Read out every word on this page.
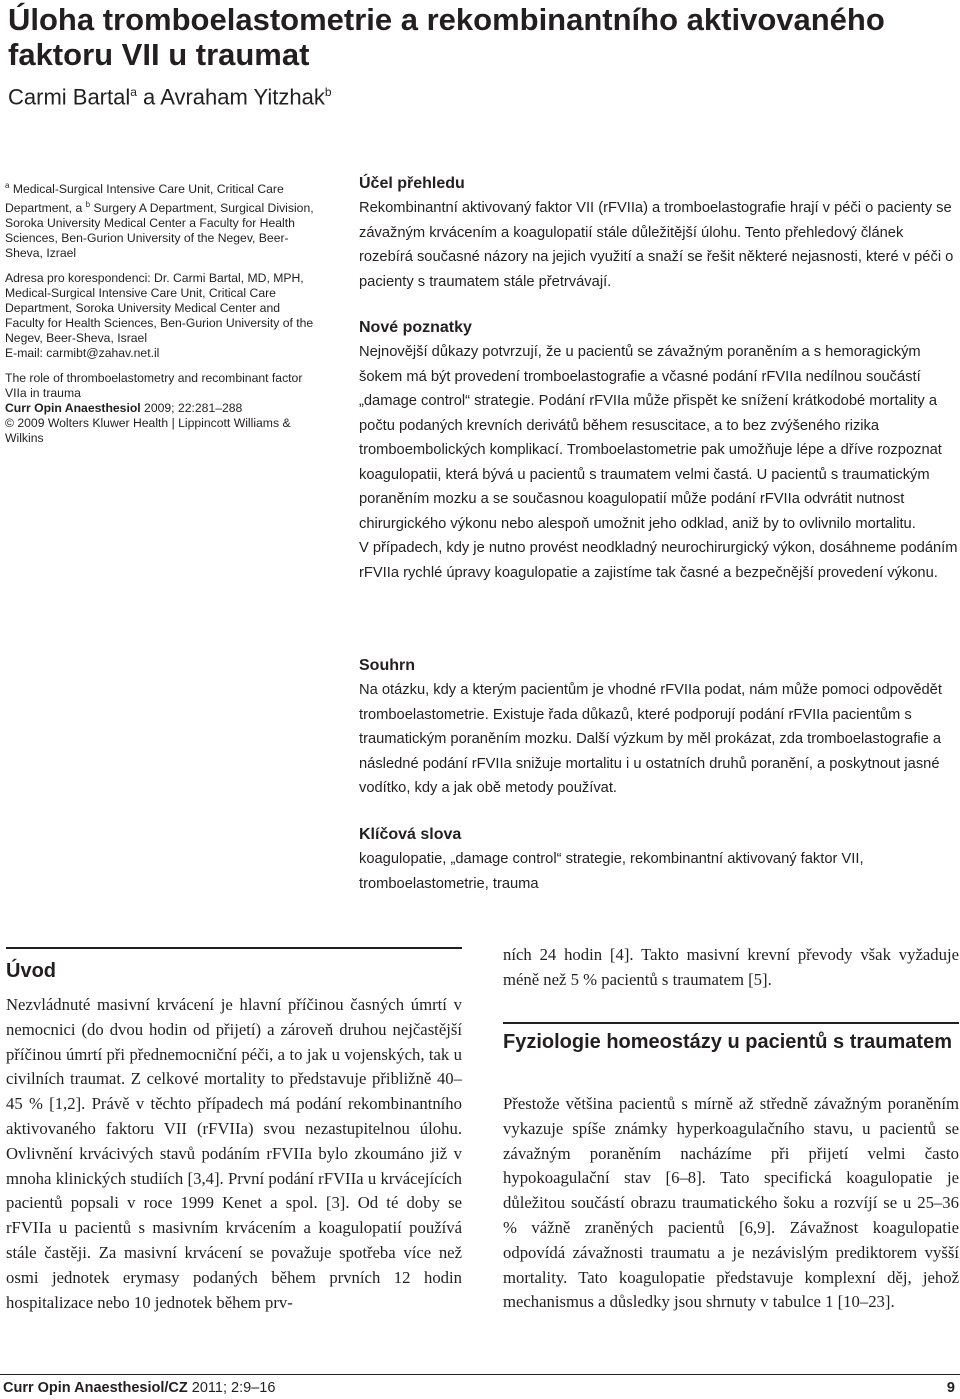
Úloha tromboelastometrie a rekombinantního aktivovaného faktoru VII u traumat
Carmi Bartal$^a$ a Avraham Yitzhak$^b$

$^a$ Medical-Surgical Intensive Care Unit, Critical Care Department, a $^b$ Surgery A Department, Surgical Division, Soroka University Medical Center a Faculty for Health Sciences, Ben-Gurion University of the Negev, Beer-Sheva, Izrael

Adresa pro korespondenci: Dr. Carmi Bartal, MD, MPH, Medical-Surgical Intensive Care Unit, Critical Care Department, Soroka University Medical Center and Faculty for Health Sciences, Ben-Gurion University of the Negev, Beer-Sheva, Israel
E-mail: carmibt@zahav.net.il

The role of thromboelastometry and recombinant factor VIIa in trauma
Curr Opin Anaesthesiol 2009; 22:281–288
© 2009 Wolters Kluwer Health | Lippincott Williams & Wilkins

Účel přehledu

Rekombinantní aktivovaný faktor VII (rFVIIa) a tromboelastografie hrají v péči o pacienty se závažným krvácením a koagulopatií stále důležitější úlohu. Tento přehledový článek rozebírá současné názory na jejich využití a snaží se řešit některé nejasnosti, které v péči o pacienty s traumatem stále přetrvávají.

Nové poznatky

Nejnovější důkazy potvrzují, že u pacientů se závažným poraněním a s hemoragickým šokem má být provedení tromboelastografie a včasné podání rFVIIa nedílnou součástí „damage control“ strategie. Podání rFVIIa může přispět ke snížení krátkodobé mortality a počtu podaných krevních derivátů během resuscitace, a to bez zvýšeného rizika tromboembolických komplikací. Tromboelastometrie pak umožňuje lépe a dříve rozpoznat koagulopatii, která bývá u pacientů s traumatem velmi častá. U pacientů s traumatickým poraněním mozku a se současnou koagulopatií může podání rFVIIa odvrátit nutnost chirurgického výkonu nebo alespoň umožnit jeho odklad, aniž by to ovlivnilo mortalitu.

V případech, kdy je nutno provést neodkladný neurochirurgický výkon, dosáhneme podáním rFVIIa rychlé úpravy koagulopatie a zajistíme tak časné a bezpečnější provedení výkonu.

Souhrn

Na otázku, kdy a kterým pacientům je vhodné rFVIIa podat, nám může pomoci odpovědět tromboelastometrie. Existuje řada důkazů, které podporují podání rFVIIa pacientům s traumatickým poraněním mozku. Další výzkum by měl prokázat, zda tromboelastografie a následné podání rFVIIa snižuje mortalitu i u ostatních druhů poranění, a poskytnout jasné vodítko, kdy a jak obě metody používat.

Klíčová slova

koagulopatie, „damage control“ strategie, rekombinantní aktivovaný faktor VII, tromboelastometrie, trauma

Úvod

Nezvládnuté masivní krvácení je hlavní příčinou časných úmrtí v nemocnici (do dvou hodin od přijetí) a zároveň druhou nejčastější příčinou úmrtí při přednemocniční péči, a to jak u vojenských, tak u civilních traumat. Z celkové mortality to představuje přibližně 40–45 % [1,2]. Právě v těchto případech má podání rekombinantního aktivovaného faktoru VII (rFVIIa) svou nezastupitelnou úlohu. Ovlivnění krvácivých stavů podáním rFVIIa bylo zkoumáno již v mnoha klinických studiích [3,4]. První podání rFVIIa u krvácejících pacientů popsali v roce 1999 Kenet a spol. [3]. Od té doby se rFVIIa u pacientů s masivním krvácením a koagulopatií používá stále častěji. Za masivní krvácení se považuje spotřeba více než osmi jednotek erymasy podaných během prvních 12 hodin hospitalizace nebo 10 jednotek během prv-

ních 24 hodin [4]. Takto masivní krevní převody však vyžaduje méně než 5 % pacientů s traumatem [5].

Fyziologie homeostázy u pacientů s traumatem

Přestože většina pacientů s mírně až středně závažným poraněním vykazuje spíše známky hyperkoagulačního stavu, u pacientů se závažným poraněním nacházíme při přijetí velmi často hypokoagulační stav [6–8]. Tato specifická koagulopatie je důležitou součástí obrazu traumatického šoku a rozvíjí se u 25–36 % vážně zraněných pacientů [6,9]. Závažnost koagulopatie odpovídá závažnosti traumatu a je nezávislým prediktorem vyšší mortality. Tato koagulopatie představuje komplexní děj, jehož mechanismus a důsledky jsou shrnuty v tabulce 1 [10–23].

Curr Opin Anaesthesiol/CZ 2011; 2:9–16	9
